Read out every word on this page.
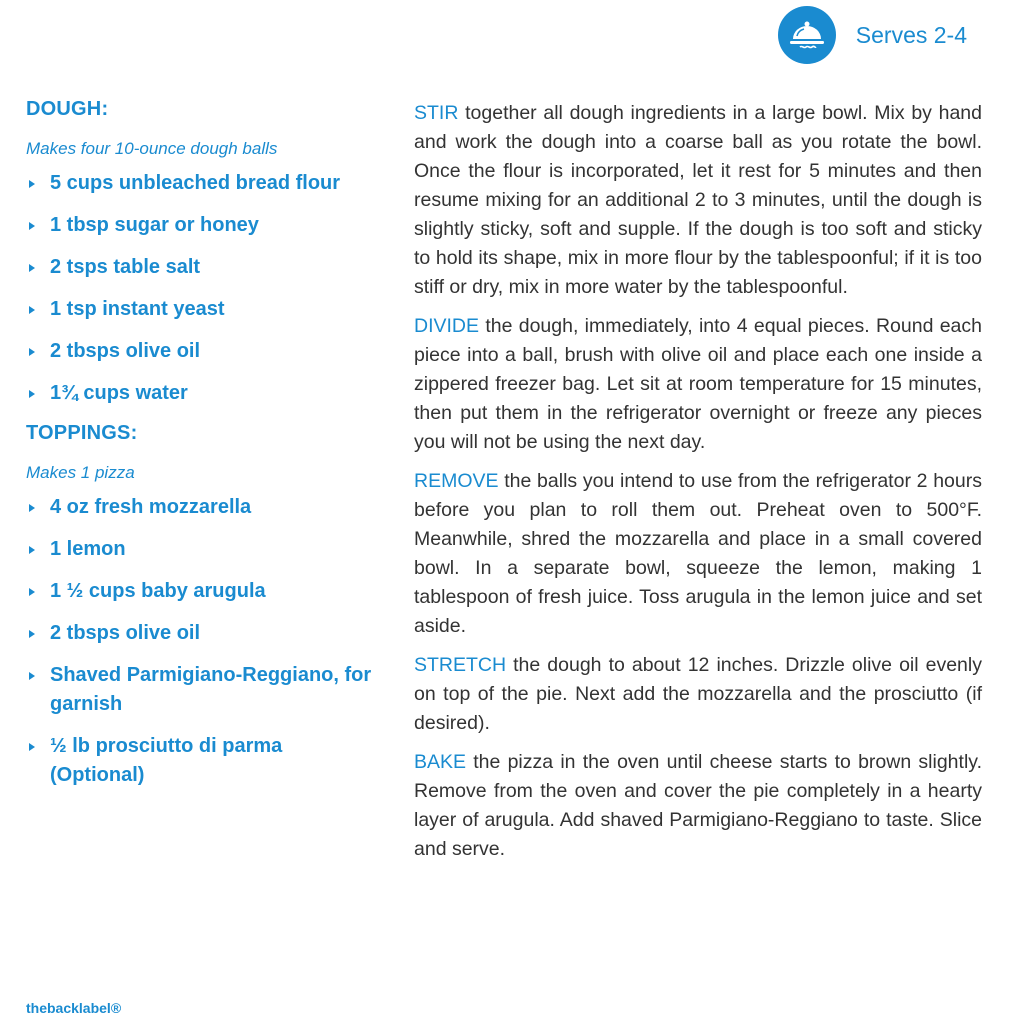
Serves 2-4
DOUGH:
Makes four 10-ounce dough balls
5 cups unbleached bread flour
1 tbsp sugar or honey
2 tsps table salt
1 tsp instant yeast
2 tbsps olive oil
1¾ cups water
TOPPINGS:
Makes 1 pizza
4 oz fresh mozzarella
1 lemon
1 ½ cups baby arugula
2 tbsps olive oil
Shaved Parmigiano-Reggiano, for garnish
½ lb prosciutto di parma (Optional)

STIR together all dough ingredients in a large bowl. Mix by hand and work the dough into a coarse ball as you rotate the bowl. Once the flour is incorporated, let it rest for 5 minutes and then resume mixing for an additional 2 to 3 minutes, until the dough is slightly sticky, soft and supple. If the dough is too soft and sticky to hold its shape, mix in more flour by the tablespoonful; if it is too stiff or dry, mix in more water by the tablespoonful.

DIVIDE the dough, immediately, into 4 equal pieces. Round each piece into a ball, brush with olive oil and place each one inside a zippered freezer bag. Let sit at room temperature for 15 minutes, then put them in the refrigerator overnight or freeze any pieces you will not be using the next day.

REMOVE the balls you intend to use from the refrigerator 2 hours before you plan to roll them out. Preheat oven to 500°F. Meanwhile, shred the mozzarella and place in a small covered bowl. In a separate bowl, squeeze the lemon, making 1 tablespoon of fresh juice. Toss arugula in the lemon juice and set aside.

STRETCH the dough to about 12 inches. Drizzle olive oil evenly on top of the pie. Next add the mozzarella and the prosciutto (if desired).

BAKE the pizza in the oven until cheese starts to brown slightly. Remove from the oven and cover the pie completely in a hearty layer of arugula. Add shaved Parmigiano-Reggiano to taste. Slice and serve.

thebacklabel®
